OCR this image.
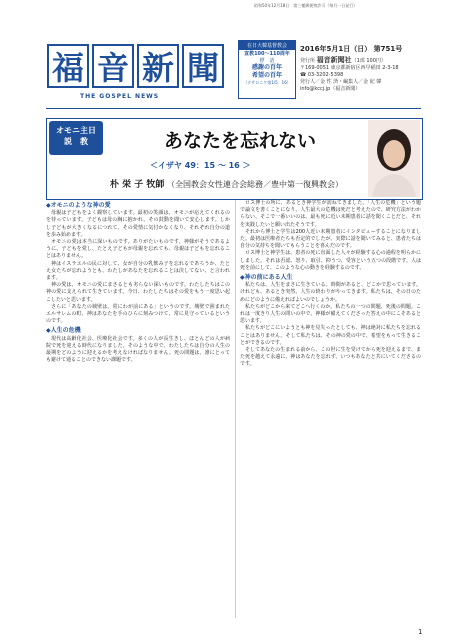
昭和50年12月18日　第三種郵便物許可（毎月一日発行）
福 音 新 聞
THE GOSPEL NEWS
在日大韓基督教会
宣教100〜110周年
標　語
感謝の百年
希望の百年
（テサロニケ第1/5：16）
2016年5月1日（日） 第751号
発行所 福音新聞社（1部 100円）
〒169-0051 東京都新宿区西早稲田 2-3-18
☎ 03-3202-5398
発行人／金 性 済・編集人／金 紀 韓
info@kccj.jp（福音新聞）
オモニ主日
説　教	あなたを忘れない
＜イザヤ 49：15 〜 16 ＞
朴 栄 子 牧師 （全国教会女性連合会総務／豊中第一復興教会）

◆オモニのような神の愛

母親は子どもをよく観察しています。最初の笑顔は、オモニが応えてくれるのを待っています。子どもは母の胸に抱かれ、その鼓動を聞いて安心します。しかし子どもが大きくなるにつれて、その愛情に気付かなくなり、それぞれ自分の道を歩み始めます。

オモニの愛は本当に深いものです。ありがたいものです。神様がそうであるように、子どもを愛し、たとえ子どもが母親を忘れても、母親は子どもを忘れることはありません。

神はイスラエルの民に対して、女が自分の乳飲み子を忘れるであろうか、たとえ女たちが忘れようとも、わたしがあなたを忘れることは決してない、と言われます。

神の愛は、オモニの愛にまさるとも劣らない深いものです。わたしたちはこの神の愛に支えられて生きています。今日、わたしたちはその愛をもう一度思い起こしたいと思います。

さらに「あなたの城壁は、常にわが前にある」というのです。城壁で囲まれたエルサレムの町、神はあなたを手のひらに刻みつけて、常に見守っているというのです。

◆人生の危機

現代は高齢化社会、医療化社会です。多くの人が長生きし、ほとんどの人が病院で死を迎える時代になりました。そのような中で、わたしたちは自分の人生の最期をどのように迎えるかを考えなければなりません。死の問題は、誰にとっても避けて通ることのできない課題です。

ロス博士の所に、あるとき神学生が訪ねてきました。「人生の危機」という題で論文を書くことになり、人生最大の危機は死だと考えたので、研究方法がわからない、そこで一番いいのは、最も死に近い末期患者に話を聞くことだと、それを実践したいと願い出たそうです。

それから博士と学生は200人近い末期患者にインタビューすることになりました。最初は医療者たちも否定的でしたが、実際に話を聞いてみると、患者たちは自分の気持ちを聞いてもらうことを喜んだのです。

ロス博士と神学生は、患者の死に直面した人々が経験する心の過程を明らかにしました。それは否認、怒り、取引、抑うつ、受容という五つの段階です。人は死を前にして、このような心の動きを経験するのです。

◆神の前にある人生

私たちは、人生をまさに生きている。時間があると、どこかで思っています。けれども、あるとき突然、人生の終わりがやってきます。私たちは、その日のためにどのように備えればよいのでしょうか。

私たちがどこから来てどこへ行くのか。私たちの一つの問題、死後の問題。これは一度きり人生の問いの中で、神様が備えてくださった答えの中にこそあると思います。

私たちがどこにいようとも神を見失ったとしても、神は絶対に私たちを忘れることはありません。そして私たちは、その神の愛の中で、希望をもって生きることができるのです。

そしてあなたの生まれる前から、この世に生を受けてから死を迎えるまで、また死を越えて永遠に、神はあなたを忘れず、いつもあなたと共にいてくださるのです。

1
